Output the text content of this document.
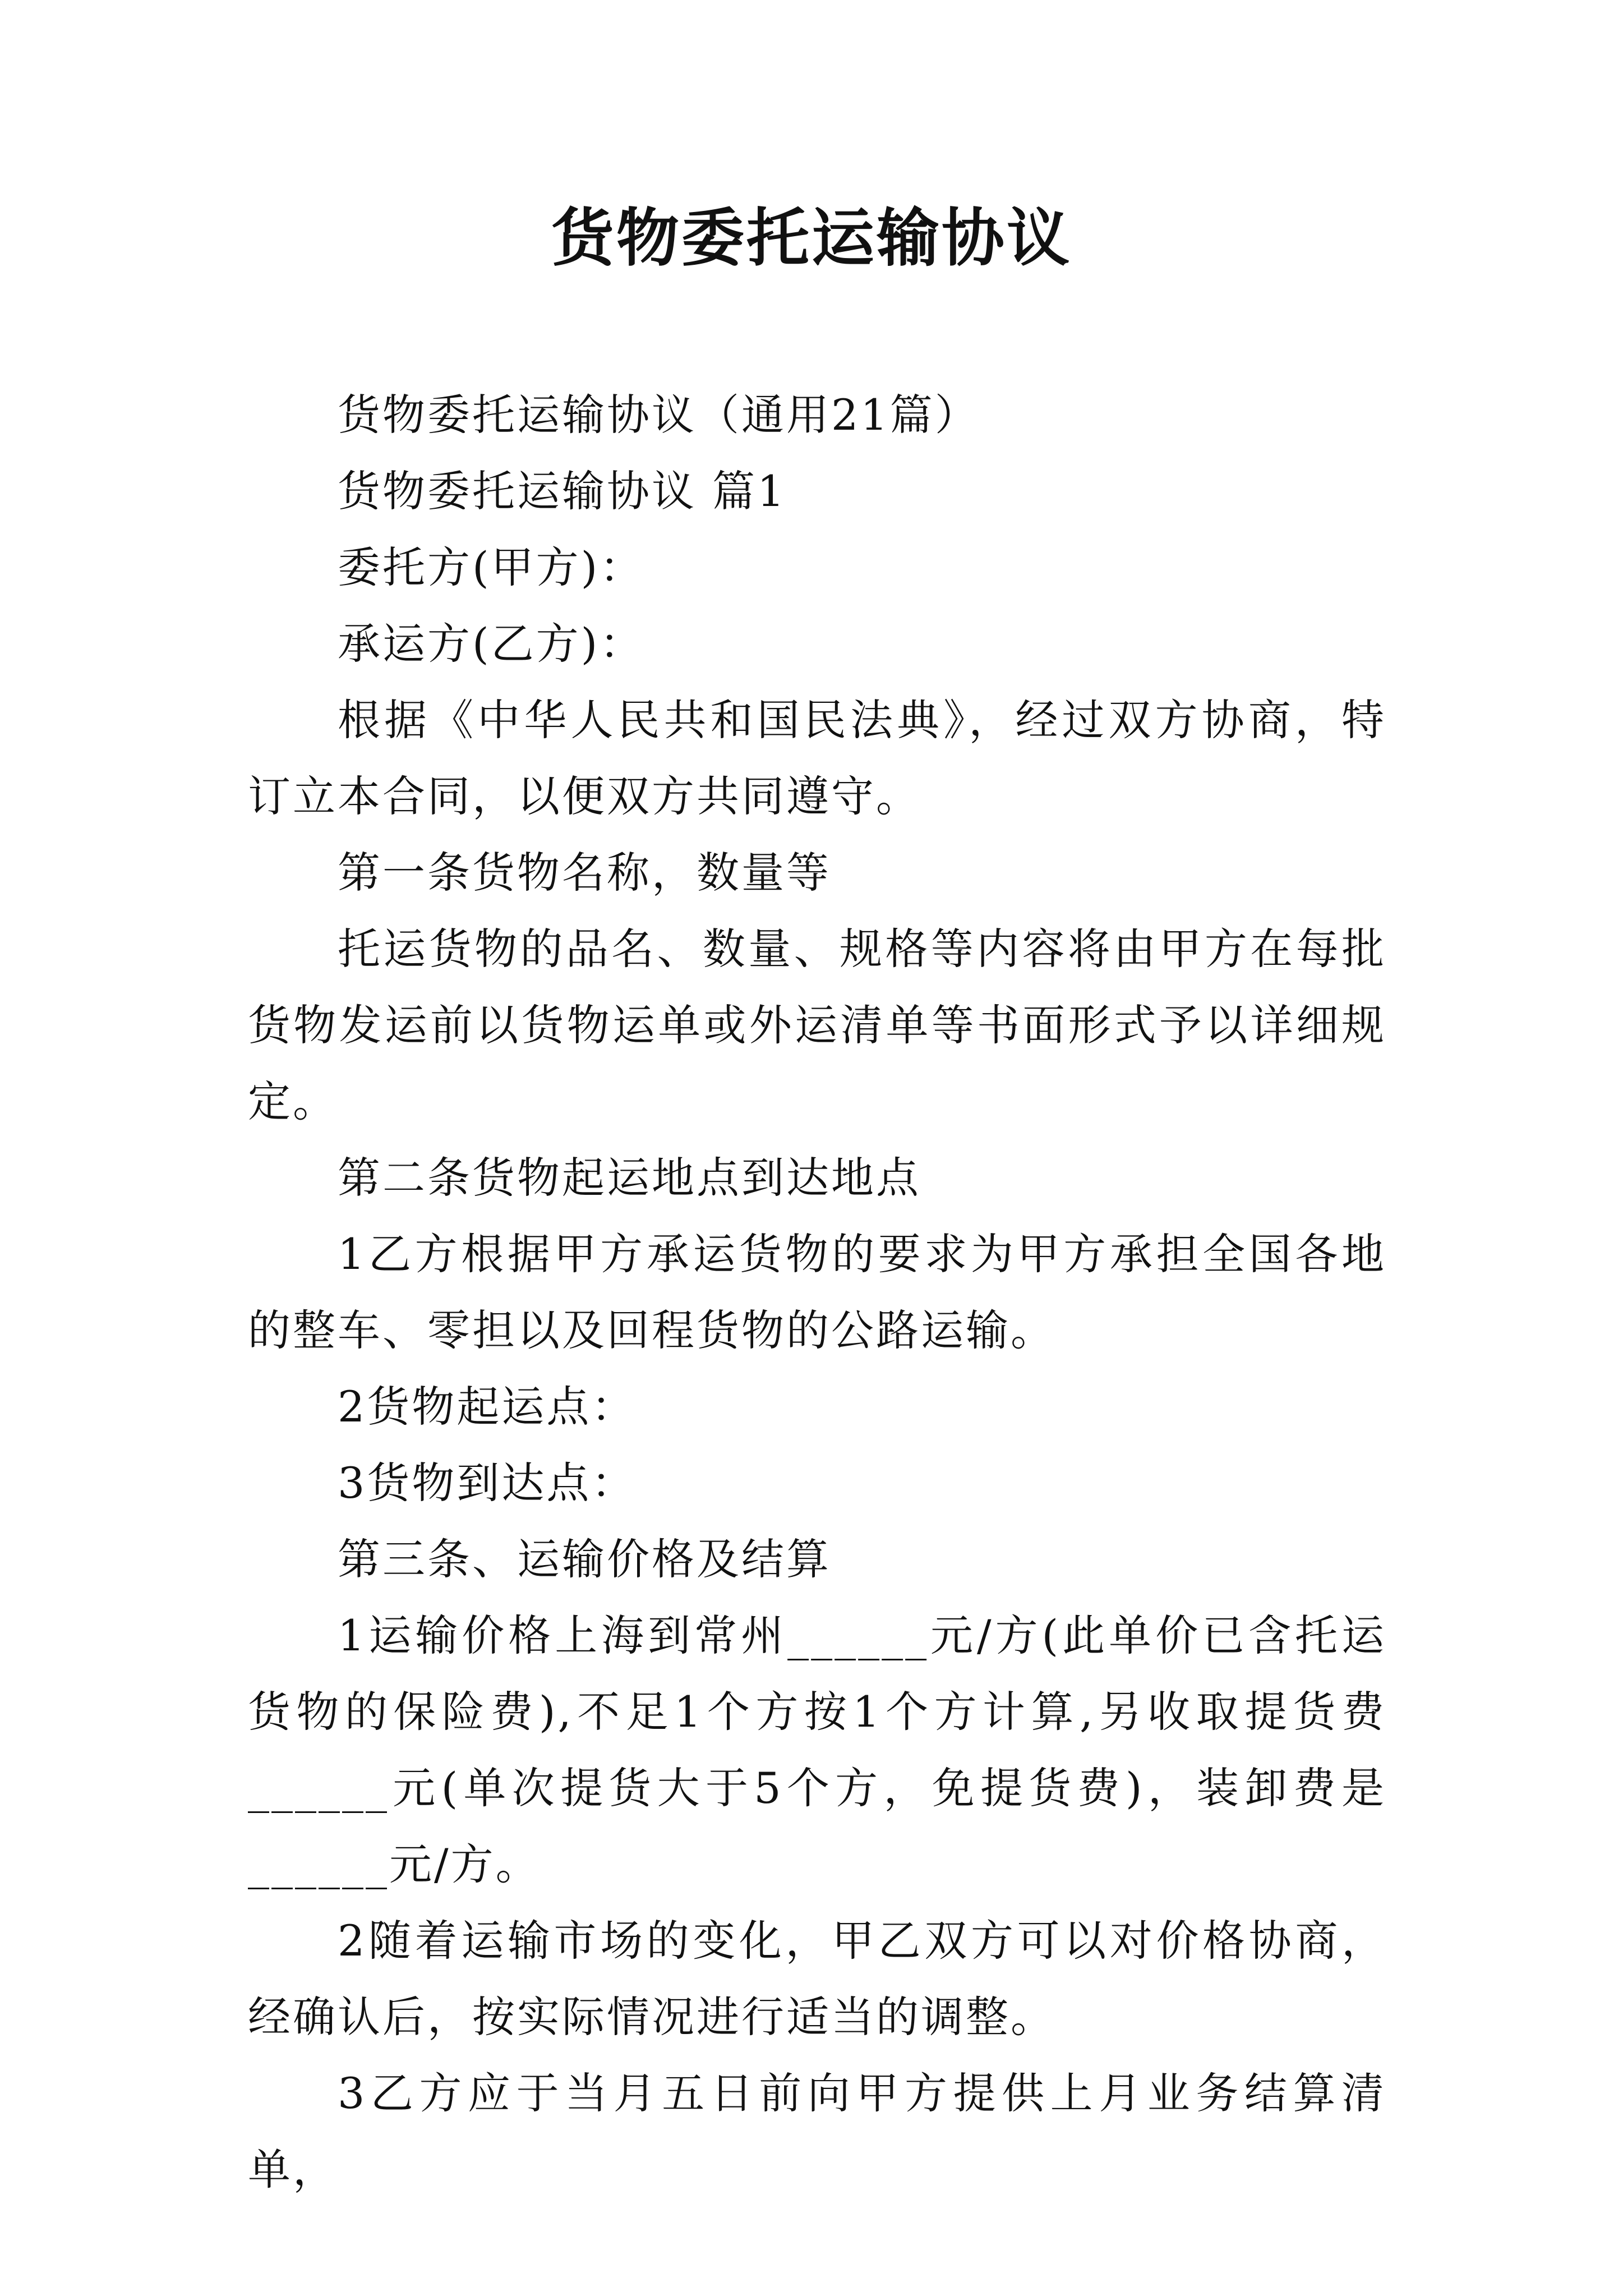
货物委托运输协议

货物委托运输协议（通用21篇）

货物委托运输协议 篇1

委托方(甲方)：

承运方(乙方)：

根据《中华人民共和国民法典》，经过双方协商，特订立本合同，以便双方共同遵守。

第一条货物名称，数量等

托运货物的品名、数量、规格等内容将由甲方在每批货物发运前以货物运单或外运清单等书面形式予以详细规定。

第二条货物起运地点到达地点

1乙方根据甲方承运货物的要求为甲方承担全国各地的整车、零担以及回程货物的公路运输。

2货物起运点：

3货物到达点：

第三条、运输价格及结算

1运输价格上海到常州______元/方(此单价已含托运货物的保险费),不足1个方按1个方计算,另收取提货费______元(单次提货大于5个方，免提货费)，装卸费是______元/方。

2随着运输市场的变化，甲乙双方可以对价格协商，经确认后，按实际情况进行适当的调整。

3乙方应于当月五日前向甲方提供上月业务结算清单，
